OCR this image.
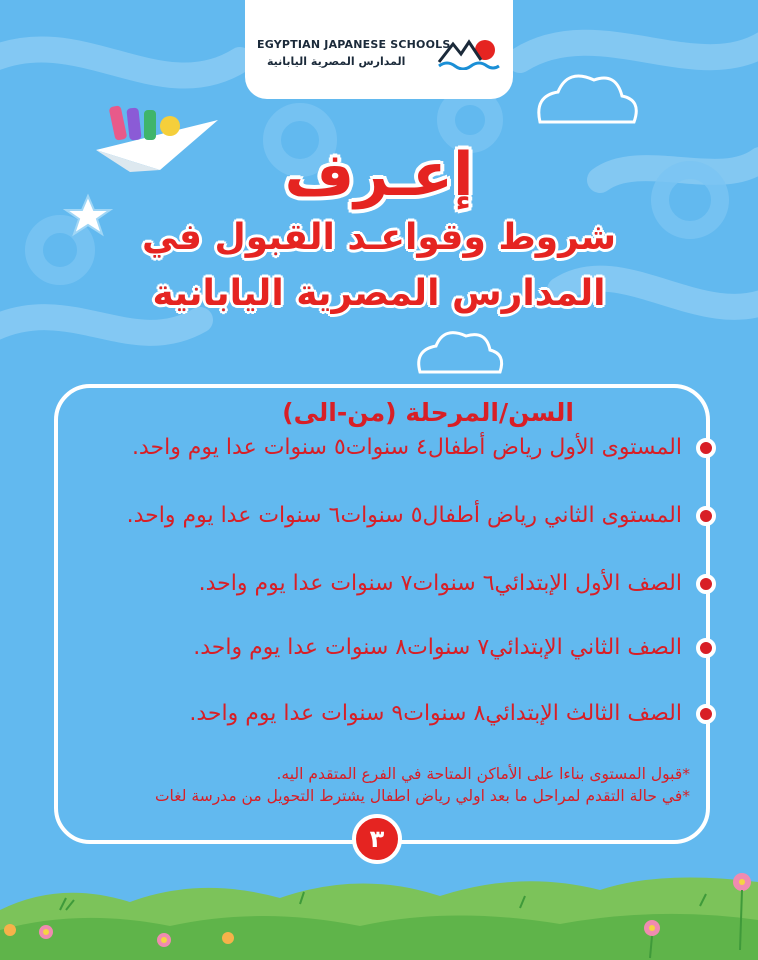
EGYPTIAN JAPANESE SCHOOLS
المدارس المصرية اليابانية
إعـرف
شروط وقواعـد القبول في
المدارس المصرية اليابانية
السن/المرحلة (من-الى)
المستوى الأول رياض أطفال٤ سنوات٥ سنوات عدا يوم واحد.
المستوى الثاني رياض أطفال٥ سنوات٦ سنوات عدا يوم واحد.
الصف الأول الإبتدائي٦ سنوات٧ سنوات عدا يوم واحد.
الصف الثاني الإبتدائي٧ سنوات٨ سنوات عدا يوم واحد.
الصف الثالث الإبتدائي٨ سنوات٩ سنوات عدا يوم واحد.
*قبول المستوى بناءا على الأماكن المتاحة في الفرع المتقدم اليه.
*في حالة التقدم لمراحل ما بعد اولي رياض اطفال يشترط التحويل من مدرسة لغات
٣
